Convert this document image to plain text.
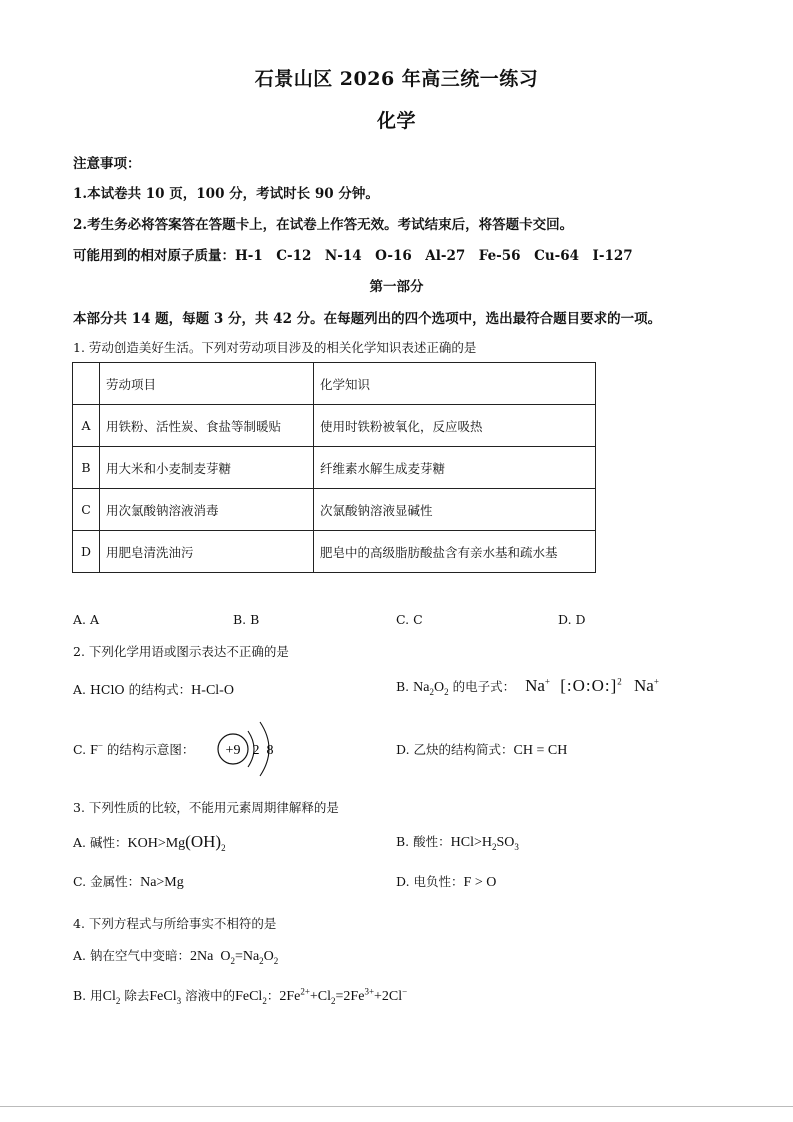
石景山区 2026 年高三统一练习
化学
注意事项：
1.本试卷共 10 页，100 分，考试时长 90 分钟。
2.考生务必将答案答在答题卡上，在试卷上作答无效。考试结束后，将答题卡交回。
可能用到的相对原子质量：H-1　C-12　N-14　O-16　Al-27　Fe-56　Cu-64　I-127
第一部分
本部分共 14 题，每题 3 分，共 42 分。在每题列出的四个选项中，选出最符合题目要求的一项。
1. 劳动创造美好生活。下列对劳动项目涉及的相关化学知识表述正确的是
	劳动项目	化学知识
A	用铁粉、活性炭、食盐等制暖贴	使用时铁粉被氧化，反应吸热
B	用大米和小麦制麦芽糖	纤维素水解生成麦芽糖
C	用次氯酸钠溶液消毒	次氯酸钠溶液显碱性
D	用肥皂清洗油污	肥皂中的高级脂肪酸盐含有亲水基和疏水基
A. A	B. B	C. C	D. D
2. 下列化学用语或图示表达不正确的是
A. HClO 的结构式：H-Cl-O	B. $Na_2O_2$ 的电子式： Na+ [:O:O:]$^2$ Na+
C. F− 的结构示意图： +9 2 8	D. 乙炔的结构简式：CH = CH
3. 下列性质的比较，不能用元素周期律解释的是
A. 碱性：$KOH>Mg(OH)_2$	B. 酸性：$HCl>H_2SO_3$
C. 金属性：Na>Mg	D. 电负性：F > O
4. 下列方程式与所给事实不相符的是
A. 钠在空气中变暗：2Na $O_2=Na_2O_2$
B. 用$Cl_2$ 除去FeCl$_3$ 溶液中的FeCl$_2$：$2Fe^{2+}+Cl_2=2Fe^{3+}+2Cl^-$
